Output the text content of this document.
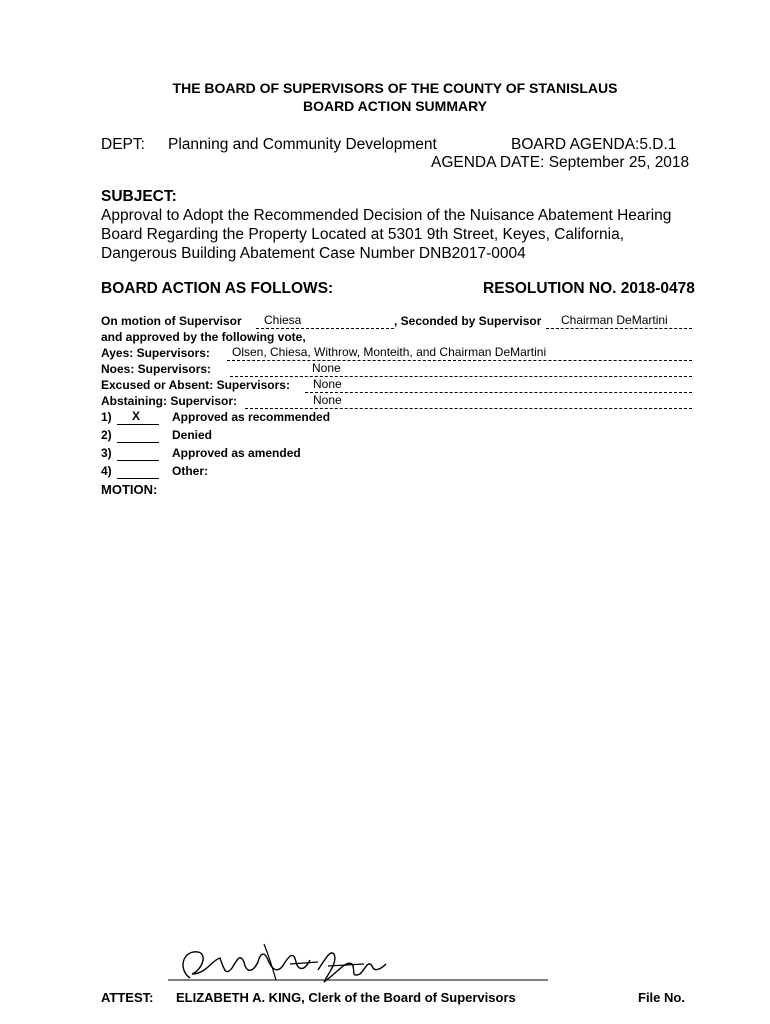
THE BOARD OF SUPERVISORS OF THE COUNTY OF STANISLAUS
BOARD ACTION SUMMARY
DEPT: Planning and Community Development	BOARD AGENDA:5.D.1
AGENDA DATE: September 25, 2018
SUBJECT:
Approval to Adopt the Recommended Decision of the Nuisance Abatement Hearing Board Regarding the Property Located at 5301 9th Street, Keyes, California, Dangerous Building Abatement Case Number DNB2017-0004
BOARD ACTION AS FOLLOWS:	RESOLUTION NO. 2018-0478
On motion of Supervisor Chiesa	, Seconded by Supervisor Chairman DeMartini
and approved by the following vote,
Ayes: Supervisors: Olsen, Chiesa, Withrow, Monteith, and Chairman DeMartini
Noes: Supervisors:	None
Excused or Absent: Supervisors: None
Abstaining: Supervisor:	None
1) X	Approved as recommended
2)	Denied
3)	Approved as amended
4)	Other:
MOTION:
ATTEST: ELIZABETH A. KING, Clerk of the Board of Supervisors	File No.
